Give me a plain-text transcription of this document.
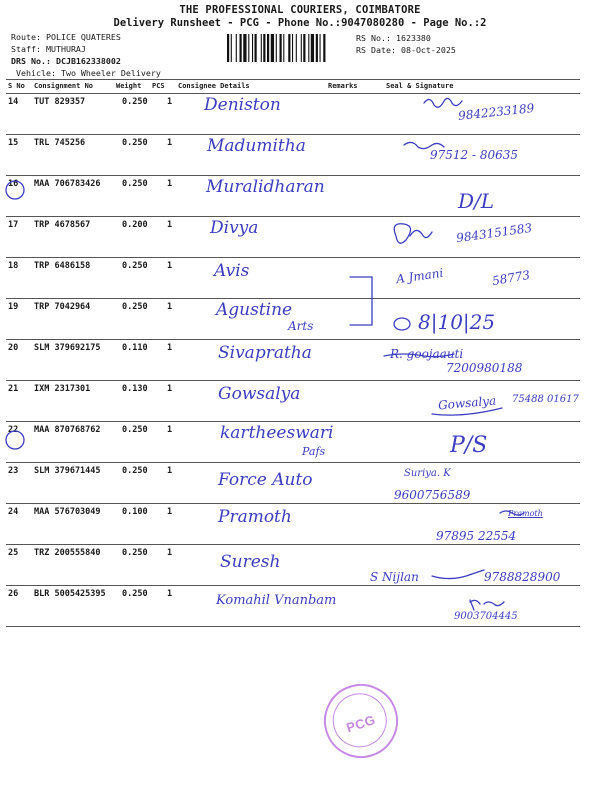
THE PROFESSIONAL COURIERS, COIMBATORE
Delivery Runsheet - PCG - Phone No.:9047080280 - Page No.:2
Route: POLICE QUATERES
Staff: MUTHURAJ
DRS No.: DCJB162338002
Vehicle: Two Wheeler Delivery
RS No.: 1623380
RS Date: 08-Oct-2025
S No Consignment No	Weight PCS Consignee Details	Remarks	Seal & Signature
14 TUT 829357	0.250 1 Deniston	9842233189
15 TRL 745256	0.250 1 Madumitha	97512 - 80635
16 MAA 706783426	0.250 1 Muralidharan
D/L
17 TRP 4678567	0.200 1 Divya	9843151583
18 TRP 6486158	0.250 1 Avis	A Jmani	58773
19 TRP 7042964	0.250 1	Agustine
Arts	8|10|25
20 SLM 379692175	0.110 1	Sivapratha	R. goojaauti
7200980188
21 IXM 2317301	0.130 1	Gowsalya	Gowsalya 75488 01617
22 MAA 870768762	0.250 1	kartheeswari
Pafs	P/S
23 SLM 379671445	0.250 1	Force Auto	Suriya. K
9600756589
24 MAA 576703049	0.100 1	Pramoth	Pramoth
97895 22554
25 TRZ 200555840	0.250 1	Suresh
S Nijlan	9788828900
26 BLR 5005425395 0.250 1	Komahil Vnanbam
9003704445
PCG
